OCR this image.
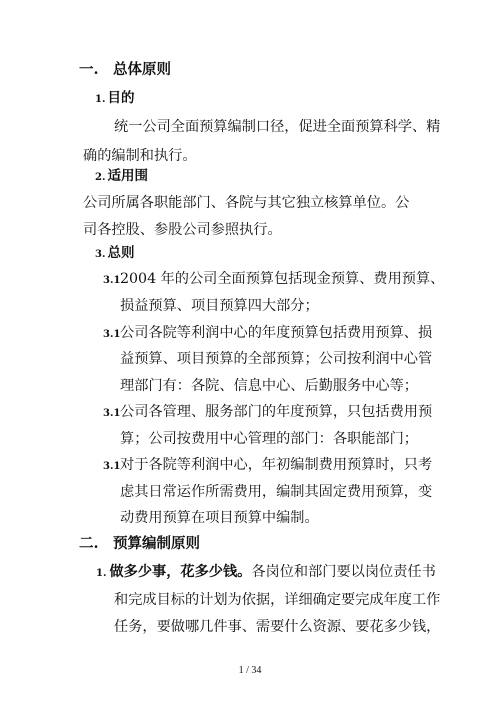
一. 总体原则
1. 目的
统一公司全面预算编制口径，促进全面预算科学、精
确的编制和执行。
2. 适用围
公司所属各职能部门、各院与其它独立核算单位。公
司各控股、参股公司参照执行。
3. 总则
3.12004 年的公司全面预算包括现金预算、费用预算、
损益预算、项目预算四大部分；
3.1公司各院等利润中心的年度预算包括费用预算、损
益预算、项目预算的全部预算；公司按利润中心管
理部门有：各院、信息中心、后勤服务中心等；
3.1公司各管理、服务部门的年度预算，只包括费用预
算；公司按费用中心管理的部门：各职能部门；
3.1对于各院等利润中心，年初编制费用预算时，只考
虑其日常运作所需费用，编制其固定费用预算，变
动费用预算在项目预算中编制。
二. 预算编制原则
1. 做多少事，花多少钱。各岗位和部门要以岗位责任书
和完成目标的计划为依据，详细确定要完成年度工作
任务，要做哪几件事、需要什么资源、要花多少钱，
1 / 34
